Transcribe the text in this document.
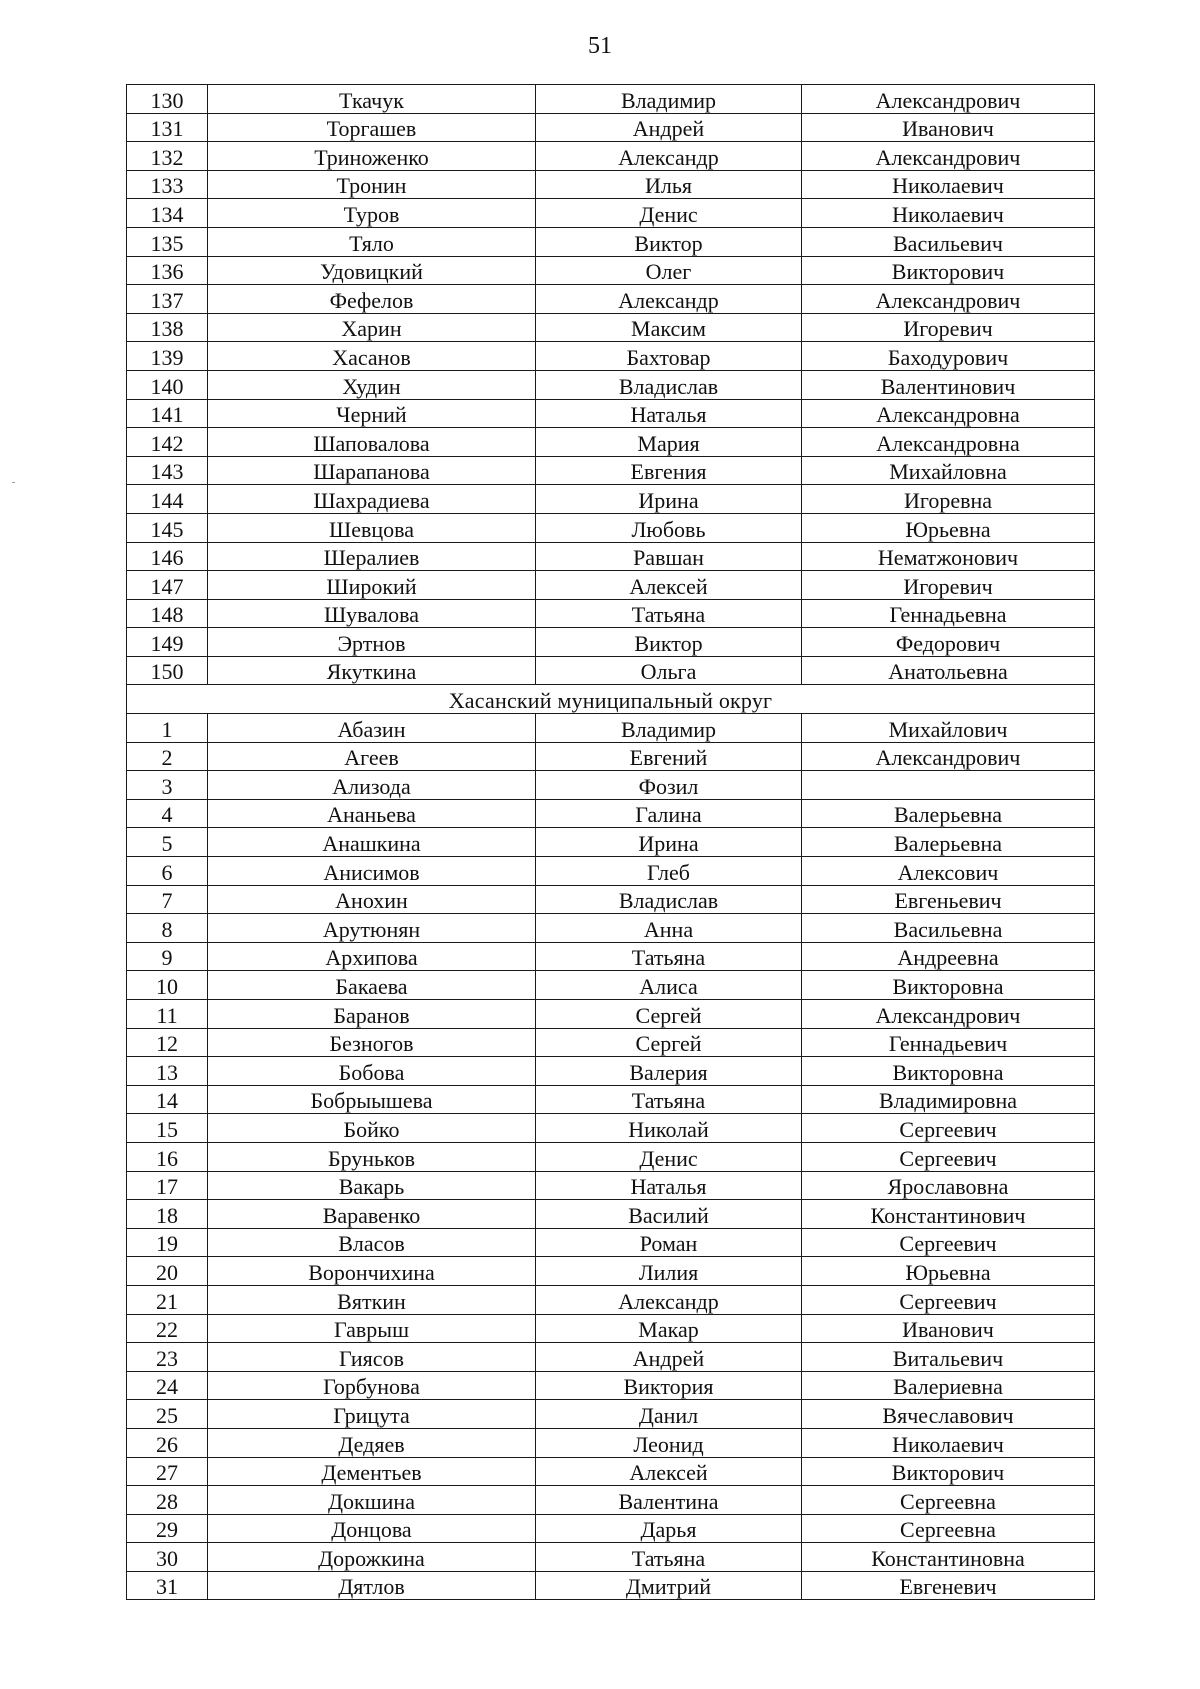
51
130	Ткачук	Владимир	Александрович
131	Торгашев	Андрей	Иванович
132	Триноженко	Александр	Александрович
133	Тронин	Илья	Николаевич
134	Туров	Денис	Николаевич
135	Тяло	Виктор	Васильевич
136	Удовицкий	Олег	Викторович
137	Фефелов	Александр	Александрович
138	Харин	Максим	Игоревич
139	Хасанов	Бахтовар	Баходурович
140	Худин	Владислав	Валентинович
141	Черний	Наталья	Александровна
142	Шаповалова	Мария	Александровна
143	Шарапанова	Евгения	Михайловна
144	Шахрадиева	Ирина	Игоревна
145	Шевцова	Любовь	Юрьевна
146	Шералиев	Равшан	Нематжонович
147	Широкий	Алексей	Игоревич
148	Шувалова	Татьяна	Геннадьевна
149	Эртнов	Виктор	Федорович
150	Якуткина	Ольга	Анатольевна
Хасанский муниципальный округ			
1	Абазин	Владимир	Михайлович
2	Агеев	Евгений	Александрович
3	Ализода	Фозил	
4	Ананьева	Галина	Валерьевна
5	Анашкина	Ирина	Валерьевна
6	Анисимов	Глеб	Алексович
7	Анохин	Владислав	Евгеньевич
8	Арутюнян	Анна	Васильевна
9	Архипова	Татьяна	Андреевна
10	Бакаева	Алиса	Викторовна
11	Баранов	Сергей	Александрович
12	Безногов	Сергей	Геннадьевич
13	Бобова	Валерия	Викторовна
14	Бобрыышева	Татьяна	Владимировна
15	Бойко	Николай	Сергеевич
16	Бруньков	Денис	Сергеевич
17	Вакарь	Наталья	Ярославовна
18	Варавенко	Василий	Константинович
19	Власов	Роман	Сергеевич
20	Ворончихина	Лилия	Юрьевна
21	Вяткин	Александр	Сергеевич
22	Гаврыш	Макар	Иванович
23	Гиясов	Андрей	Витальевич
24	Горбунова	Виктория	Валериевна
25	Грицута	Данил	Вячеславович
26	Дедяев	Леонид	Николаевич
27	Дементьев	Алексей	Викторович
28	Докшина	Валентина	Сергеевна
29	Донцова	Дарья	Сергеевна
30	Дорожкина	Татьяна	Константиновна
31	Дятлов	Дмитрий	Евгеневич
